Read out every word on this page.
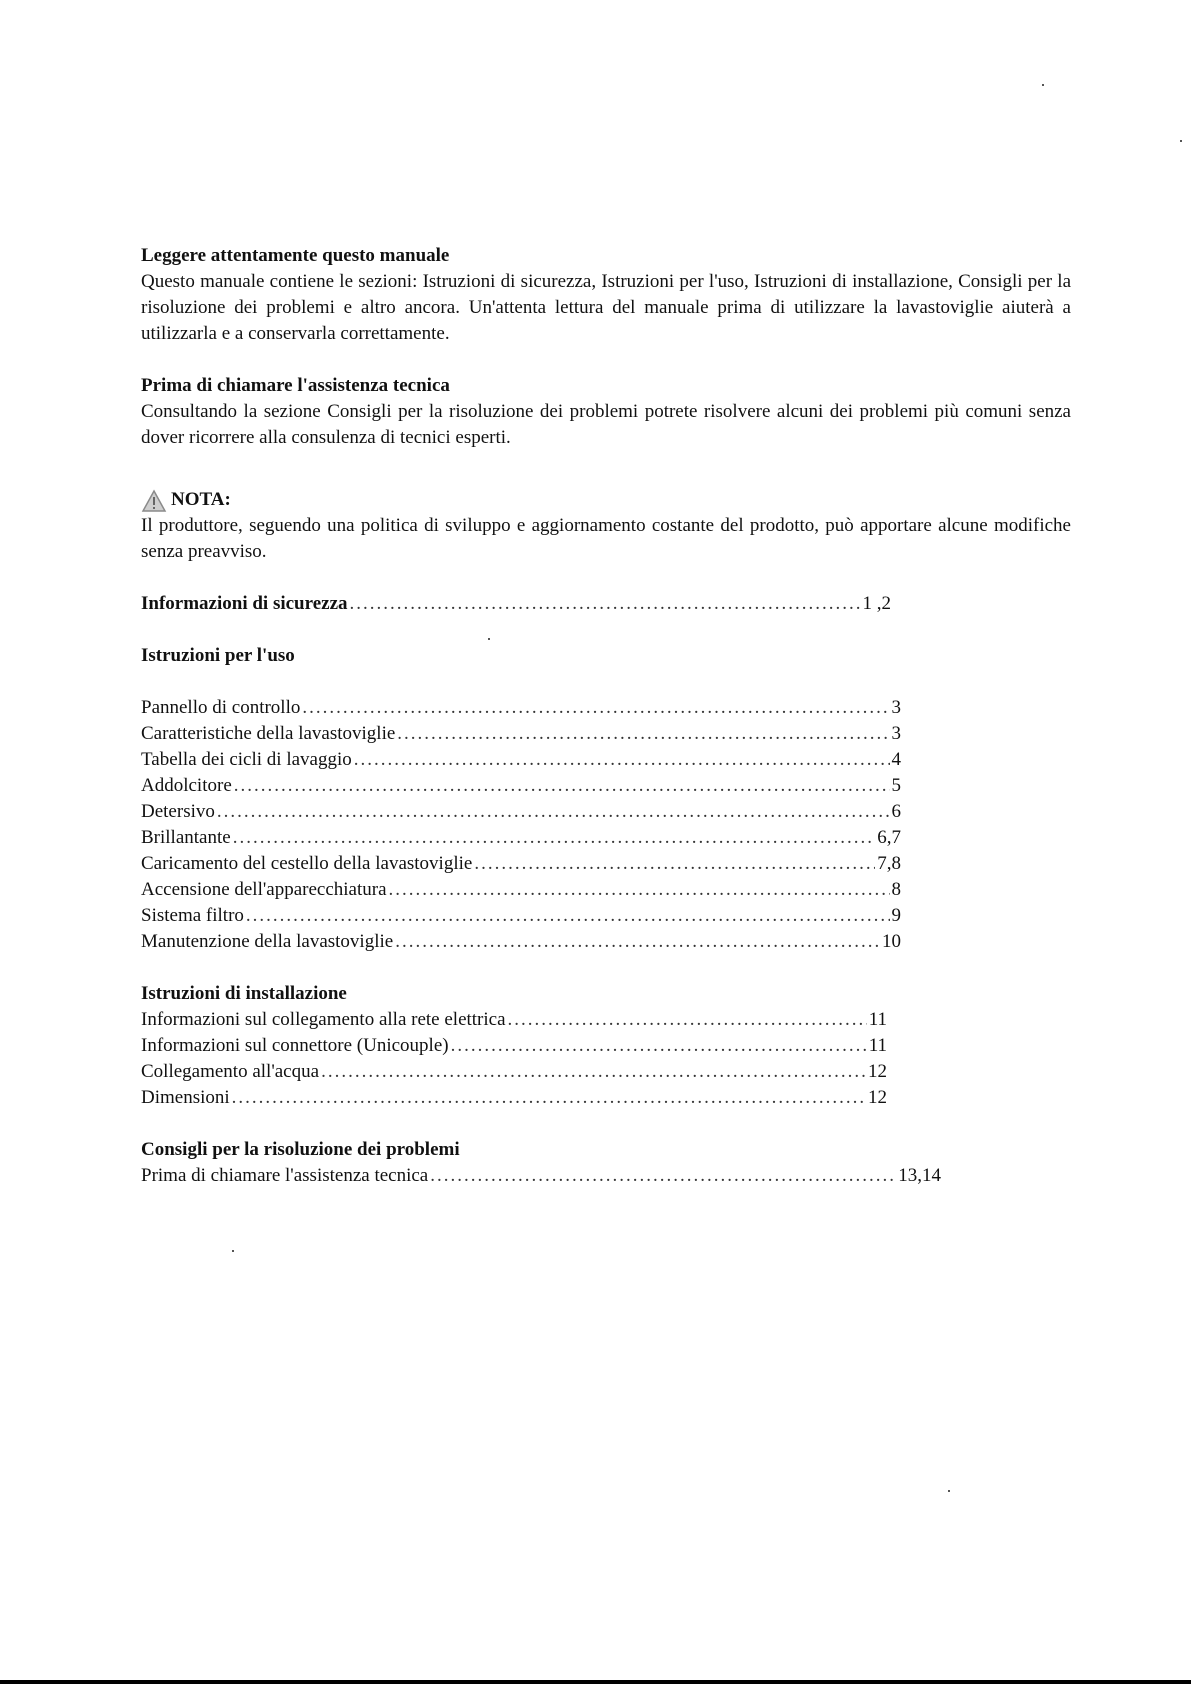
Leggere attentamente questo manuale

Questo manuale contiene le sezioni: Istruzioni di sicurezza, Istruzioni per l'uso, Istruzioni di installazione, Consigli per la risoluzione dei problemi e altro ancora. Un'attenta lettura del manuale prima di utilizzare la lavastoviglie aiuterà a utilizzarla e a conservarla correttamente.

Prima di chiamare l'assistenza tecnica

Consultando la sezione Consigli per la risoluzione dei problemi potrete risolvere alcuni dei problemi più comuni senza dover ricorrere alla consulenza di tecnici esperti.

NOTA:

Il produttore, seguendo una politica di sviluppo e aggiornamento costante del prodotto, può apportare alcune modifiche senza preavviso.

Informazioni di sicurezza .....	1 ,2

Istruzioni per l'uso

Pannello di controllo .....	3
Caratteristiche della lavastoviglie .....	3
Tabella dei cicli di lavaggio .....	4
Addolcitore .....	5
Detersivo .....	6
Brillantante .....	6,7
Caricamento del cestello della lavastoviglie .....	7,8
Accensione dell'apparecchiatura .....	8
Sistema filtro .....	9
Manutenzione della lavastoviglie .....	10

Istruzioni di installazione

Informazioni sul collegamento alla rete elettrica .....	11
Informazioni sul connettore (Unicouple) .....	11
Collegamento all'acqua .....	12
Dimensioni .....	12

Consigli per la risoluzione dei problemi

Prima di chiamare l'assistenza tecnica .....	13,14
